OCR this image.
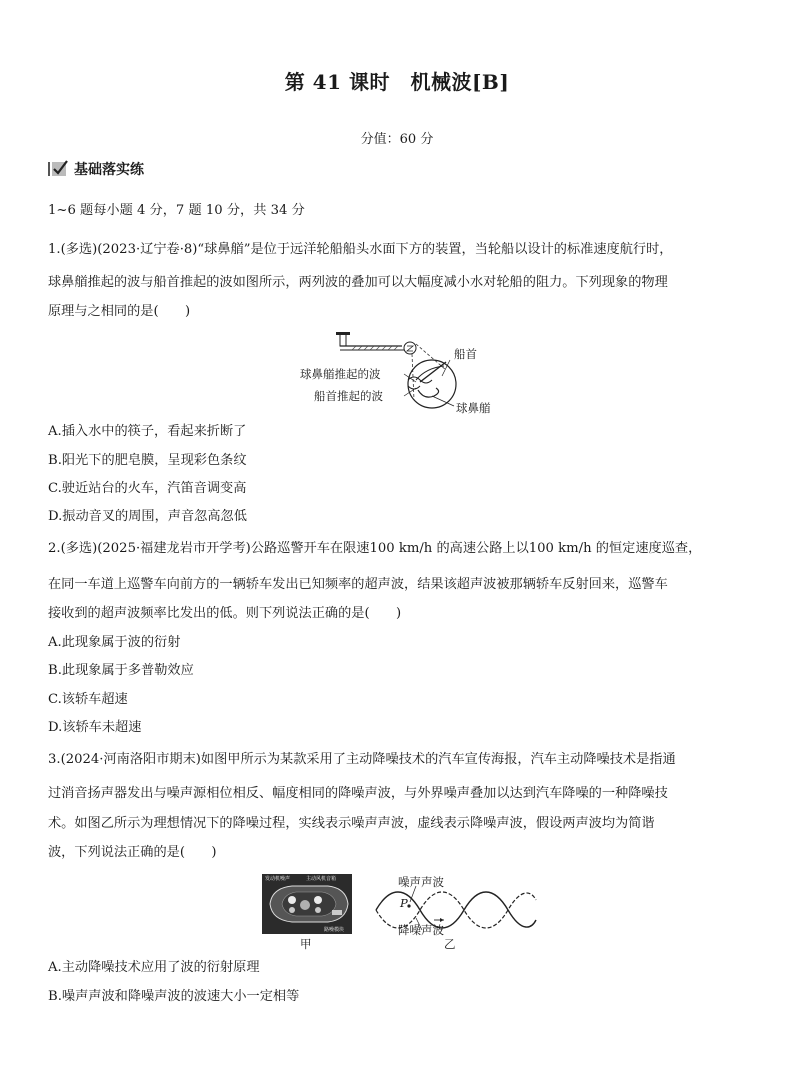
第 41 课时　机械波[B]
分值：60 分
基础落实练
1~6 题每小题 4 分，7 题 10 分，共 34 分
1.(多选)(2023·辽宁卷·8)“球鼻艏”是位于远洋轮船船头水面下方的装置，当轮船以设计的标准速度航行时，
球鼻艏推起的波与船首推起的波如图所示，两列波的叠加可以大幅度减小水对轮船的阻力。下列现象的物理
原理与之相同的是(　　)
船首
球鼻艏推起的波
船首推起的波
球鼻艏
A.插入水中的筷子，看起来折断了
B.阳光下的肥皂膜，呈现彩色条纹
C.驶近站台的火车，汽笛音调变高
D.振动音叉的周围，声音忽高忽低
2.(多选)(2025·福建龙岩市开学考)公路巡警开车在限速100 km/h 的高速公路上以100 km/h 的恒定速度巡查，
在同一车道上巡警车向前方的一辆轿车发出已知频率的超声波，结果该超声波被那辆轿车反射回来，巡警车
接收到的超声波频率比发出的低。则下列说法正确的是(　　)
A.此现象属于波的衍射
B.此现象属于多普勒效应
C.该轿车超速
D.该轿车未超速
3.(2024·河南洛阳市期末)如图甲所示为某款采用了主动降噪技术的汽车宣传海报，汽车主动降噪技术是指通
过消音扬声器发出与噪声源相位相反、幅度相同的降噪声波，与外界噪声叠加以达到汽车降噪的一种降噪技
术。如图乙所示为理想情况下的降噪过程，实线表示噪声声波，虚线表示降噪声波，假设两声波均为简谐
波，下列说法正确的是(　　)
发动机噪声	主动风机音箱
路噪模块
甲
噪声声波
P
降噪声波
乙
A.主动降噪技术应用了波的衍射原理
B.噪声声波和降噪声波的波速大小一定相等
